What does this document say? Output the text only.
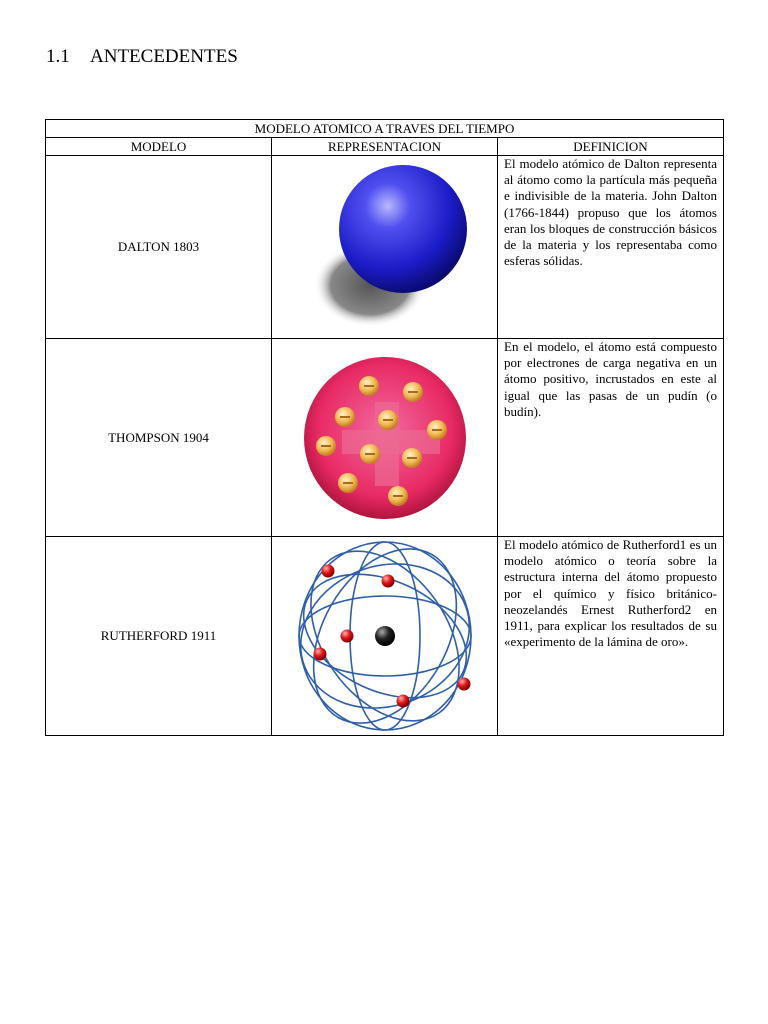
1.1	ANTECEDENTES
MODELO ATOMICO A TRAVES DEL TIEMPO		
MODELO	REPRESENTACION	DEFINICION
DALTON 1803		El modelo atómico de Dalton representa al átomo como la partícula más pequeña e indivisible de la materia. John Dalton (1766-1844) propuso que los átomos eran los bloques de construcción básicos de la materia y los representaba como esferas sólidas.
THOMPSON 1904		En el modelo, el átomo está compuesto por electrones de carga negativa en un átomo positivo, incrustados en este al igual que las pasas de un pudín (o budín).
RUTHERFORD 1911		El modelo atómico de Rutherford1 es un modelo atómico o teoría sobre la estructura interna del átomo propuesto por el químico y físico británico-neozelandés Ernest Rutherford2 en 1911, para explicar los resultados de su «experimento de la lámina de oro».
